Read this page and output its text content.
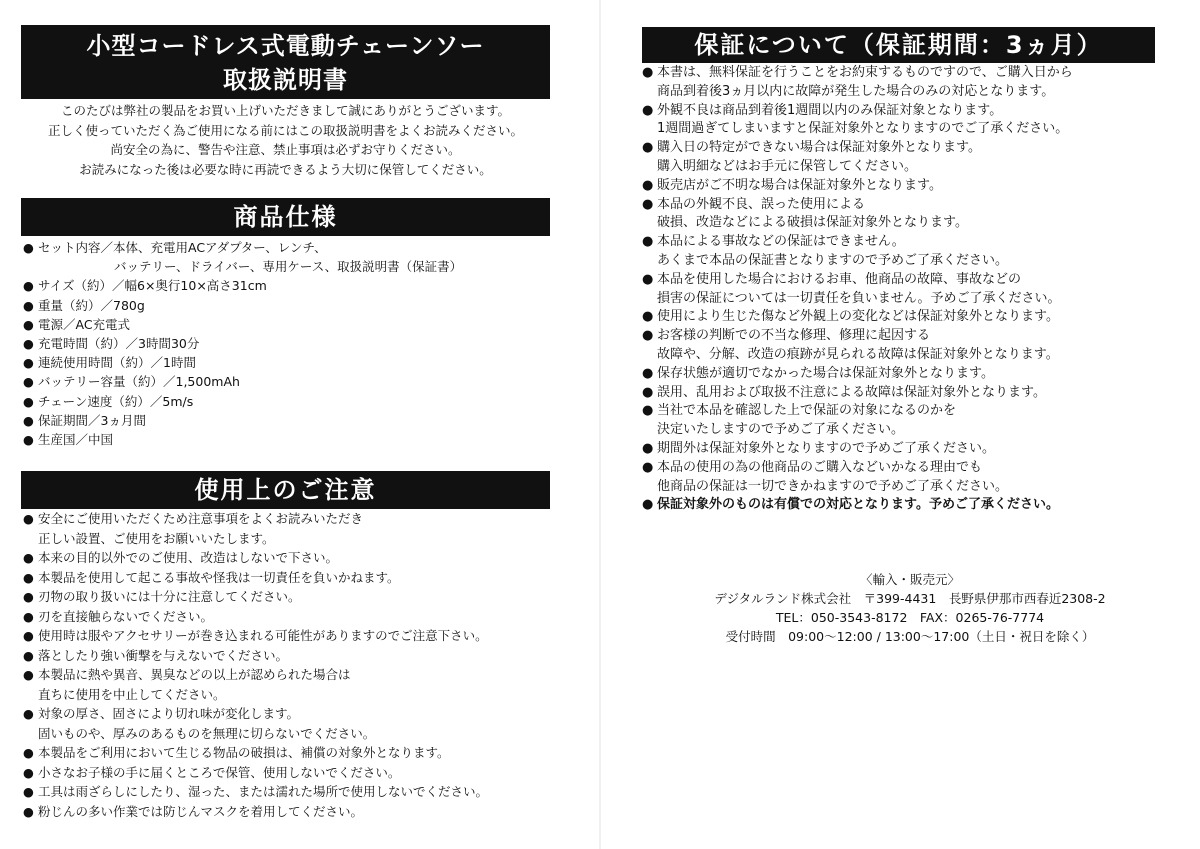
小型コードレス式電動チェーンソー
取扱説明書
このたびは弊社の製品をお買い上げいただきまして誠にありがとうございます。
正しく使っていただく為ご使用になる前にはこの取扱説明書をよくお読みください。
尚安全の為に、警告や注意、禁止事項は必ずお守りください。
お読みになった後は必要な時に再読できるよう大切に保管してください。
商品仕様
● セット内容／本体、充電用ACアダプター、レンチ、
バッテリー、ドライバー、専用ケース、取扱説明書（保証書）
● サイズ（約）／幅6×奥行10×高さ31cm
● 重量（約）／780g
● 電源／AC充電式
● 充電時間（約）／3時間30分
● 連続使用時間（約）／1時間
● バッテリー容量（約）／1,500mAh
● チェーン速度（約）／5m/s
● 保証期間／3ヵ月間
● 生産国／中国
使用上のご注意
● 安全にご使用いただくため注意事項をよくお読みいただき
正しい設置、ご使用をお願いいたします。
● 本来の目的以外でのご使用、改造はしないで下さい。
● 本製品を使用して起こる事故や怪我は一切責任を負いかねます。
● 刃物の取り扱いには十分に注意してください。
● 刃を直接触らないでください。
● 使用時は服やアクセサリーが巻き込まれる可能性がありますのでご注意下さい。
● 落としたり強い衝撃を与えないでください。
● 本製品に熱や異音、異臭などの以上が認められた場合は
直ちに使用を中止してください。
● 対象の厚さ、固さにより切れ味が変化します。
固いものや、厚みのあるものを無理に切らないでください。
● 本製品をご利用において生じる物品の破損は、補償の対象外となります。
● 小さなお子様の手に届くところで保管、使用しないでください。
● 工具は雨ざらしにしたり、湿った、または濡れた場所で使用しないでください。
● 粉じんの多い作業では防じんマスクを着用してください。
保証について（保証期間：3ヵ月）
● 本書は、無料保証を行うことをお約束するものですので、ご購入日から
商品到着後3ヵ月以内に故障が発生した場合のみの対応となります。
● 外観不良は商品到着後1週間以内のみ保証対象となります。
1週間過ぎてしまいますと保証対象外となりますのでご了承ください。
● 購入日の特定ができない場合は保証対象外となります。
購入明細などはお手元に保管してください。
● 販売店がご不明な場合は保証対象外となります。
● 本品の外観不良、誤った使用による
破損、改造などによる破損は保証対象外となります。
● 本品による事故などの保証はできません。
あくまで本品の保証書となりますので予めご了承ください。
● 本品を使用した場合におけるお車、他商品の故障、事故などの
損害の保証については一切責任を負いません。予めご了承ください。
● 使用により生じた傷など外観上の変化などは保証対象外となります。
● お客様の判断での不当な修理、修理に起因する
故障や、分解、改造の痕跡が見られる故障は保証対象外となります。
● 保存状態が適切でなかった場合は保証対象外となります。
● 誤用、乱用および取扱不注意による故障は保証対象外となります。
● 当社で本品を確認した上で保証の対象になるのかを
決定いたしますので予めご了承ください。
● 期間外は保証対象外となりますので予めご了承ください。
● 本品の使用の為の他商品のご購入などいかなる理由でも
他商品の保証は一切できかねますので予めご了承ください。
● 保証対象外のものは有償での対応となります。予めご了承ください。
〈輸入・販売元〉
デジタルランド株式会社　〒399-4431　長野県伊那市西春近2308-2
TEL：050-3543-8172　FAX：0265-76-7774
受付時間　09:00～12:00 / 13:00～17:00（土日・祝日を除く）
